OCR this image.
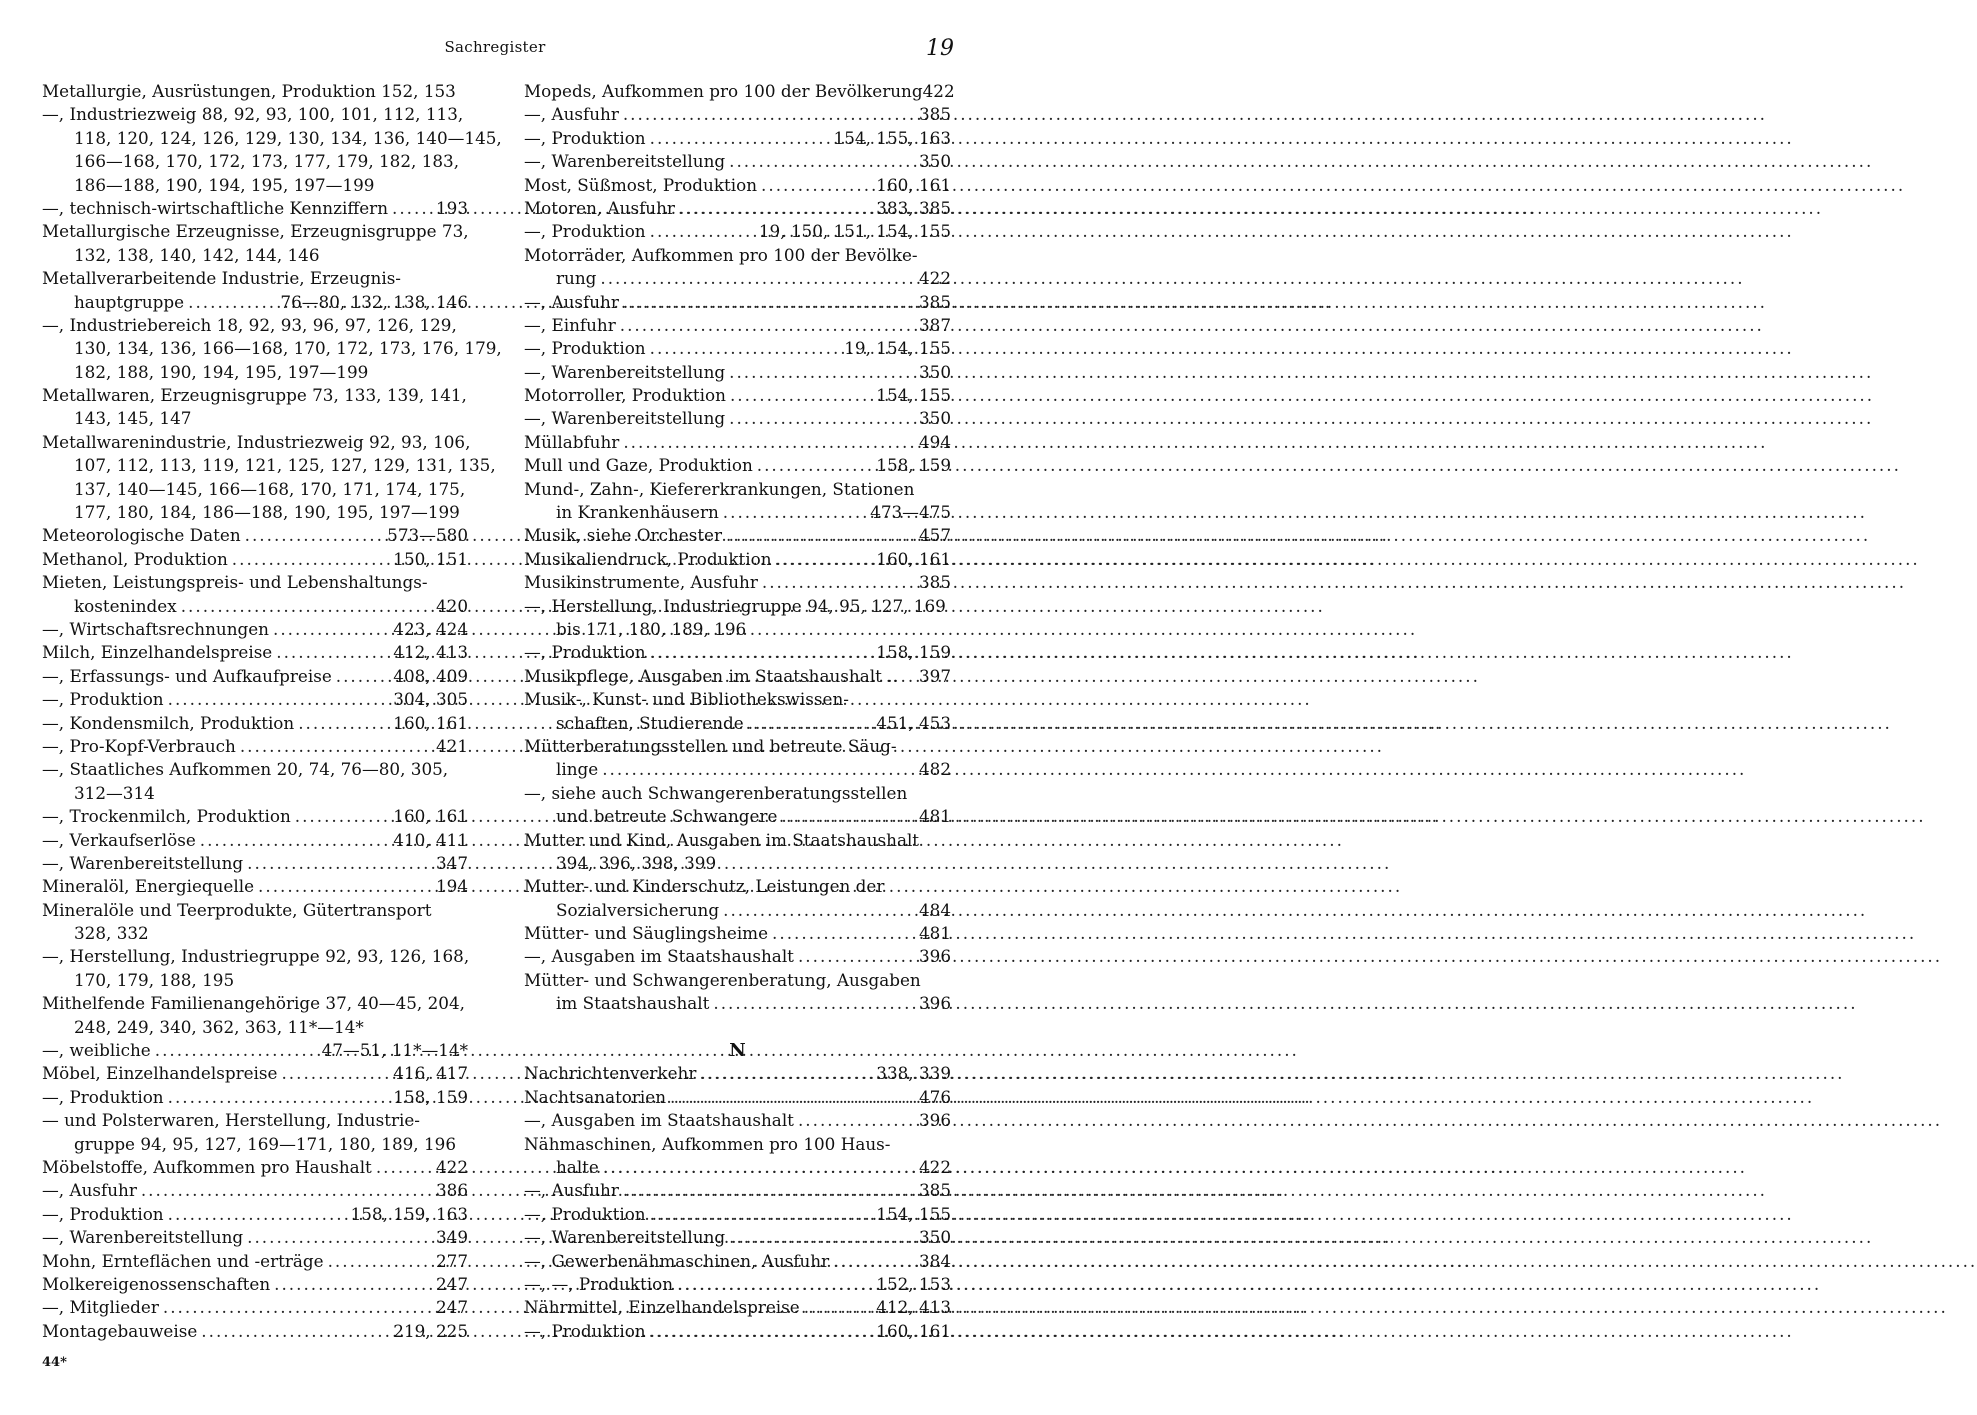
Sachregister	19
Metallurgie, Ausrüstungen, Produktion 152, 153
—, Industriezweig 88, 92, 93, 100, 101, 112, 113,
118, 120, 124, 126, 129, 130, 134, 136, 140—145,
166—168, 170, 172, 173, 177, 179, 182, 183,
186—188, 190, 194, 195, 197—199
—, technisch-wirtschaftliche Kennziffern .....	193
Metallurgische Erzeugnisse, Erzeugnisgruppe 73,
132, 138, 140, 142, 144, 146
Metallverarbeitende Industrie, Erzeugnis-
hauptgruppe .....	76—80, 132, 138, 146
—, Industriebereich 18, 92, 93, 96, 97, 126, 129,
130, 134, 136, 166—168, 170, 172, 173, 176, 179,
182, 188, 190, 194, 195, 197—199
Metallwaren, Erzeugnisgruppe 73, 133, 139, 141,
143, 145, 147
Metallwarenindustrie, Industriezweig 92, 93, 106,
107, 112, 113, 119, 121, 125, 127, 129, 131, 135,
137, 140—145, 166—168, 170, 171, 174, 175,
177, 180, 184, 186—188, 190, 195, 197—199
Meteorologische Daten .....	573—580
Methanol, Produktion .....	150, 151
Mieten, Leistungspreis- und Lebenshaltungs-
kostenindex .....	420
—, Wirtschaftsrechnungen .....	423, 424
Milch, Einzelhandelspreise .....	412, 413
—, Erfassungs- und Aufkaufpreise .....	408, 409
—, Produktion .....	304, 305
—, Kondensmilch, Produktion .....	160, 161
—, Pro-Kopf-Verbrauch .....	421
—, Staatliches Aufkommen 20, 74, 76—80, 305,
312—314
—, Trockenmilch, Produktion .....	160, 161
—, Verkaufserlöse .....	410, 411
—, Warenbereitstellung .....	347
Mineralöl, Energiequelle .....	194
Mineralöle und Teerprodukte, Gütertransport
328, 332
—, Herstellung, Industriegruppe 92, 93, 126, 168,
170, 179, 188, 195
Mithelfende Familienangehörige 37, 40—45, 204,
248, 249, 340, 362, 363, 11*—14*
—, weibliche .....	47—51, 11*—14*
Möbel, Einzelhandelspreise .....	416, 417
—, Produktion .....	158, 159
— und Polsterwaren, Herstellung, Industrie-
gruppe 94, 95, 127, 169—171, 180, 189, 196
Möbelstoffe, Aufkommen pro Haushalt .....	422
—, Ausfuhr .....	386
—, Produktion .....	158, 159, 163
—, Warenbereitstellung .....	349
Mohn, Ernteflächen und -erträge .....	277
Molkereigenossenschaften .....	247
—, Mitglieder .....	247
Montagebauweise .....	219, 225
Mopeds, Aufkommen pro 100 der Bevölkerung 422
—, Ausfuhr .....	385
—, Produktion .....	154, 155, 163
—, Warenbereitstellung .....	350
Most, Süßmost, Produktion .....	160, 161
Motoren, Ausfuhr .....	383, 385
—, Produktion .....	19, 150, 151, 154, 155
Motorräder, Aufkommen pro 100 der Bevölke-
rung .....	422
—, Ausfuhr .....	385
—, Einfuhr .....	387
—, Produktion .....	19, 154, 155
—, Warenbereitstellung .....	350
Motorroller, Produktion .....	154, 155
—, Warenbereitstellung .....	350
Müllabfuhr .....	494
Mull und Gaze, Produktion .....	158, 159
Mund-, Zahn-, Kiefererkrankungen, Stationen
in Krankenhäusern .....	473—475
Musik, siehe Orchester .....	457
Musikaliendruck, Produktion .....	160, 161
Musikinstrumente, Ausfuhr .....	385
—, Herstellung, Industriegruppe 94, 95, 127, 169
bis 171, 180, 189, 196
—, Produktion .....	158, 159
Musikpflege, Ausgaben im Staatshaushalt .. 397
Musik-, Kunst- und Bibliothekswissen-
schaften, Studierende .....	451, 453
Mütterberatungsstellen und betreute Säug-
linge .....	482
—, siehe auch Schwangerenberatungsstellen
und betreute Schwangere .....	481
Mutter und Kind, Ausgaben im Staatshaushalt
394, 396, 398, 399
Mutter- und Kinderschutz, Leistungen der
Sozialversicherung .....	484
Mütter- und Säuglingsheime .....	481
—, Ausgaben im Staatshaushalt .....	396
Mütter- und Schwangerenberatung, Ausgaben
im Staatshaushalt .....	396
N
Nachrichtenverkehr .....	338, 339
Nachtsanatorien .....	476
—, Ausgaben im Staatshaushalt .....	396
Nähmaschinen, Aufkommen pro 100 Haus-
halte .....	422
—, Ausfuhr .....	385
—, Produktion .....	154, 155
—, Warenbereitstellung .....	350
—, Gewerbenähmaschinen, Ausfuhr .....	384
—, —, Produktion .....	152, 153
Nährmittel, Einzelhandelspreise .....	412, 413
—, Produktion .....	160, 161
44*
